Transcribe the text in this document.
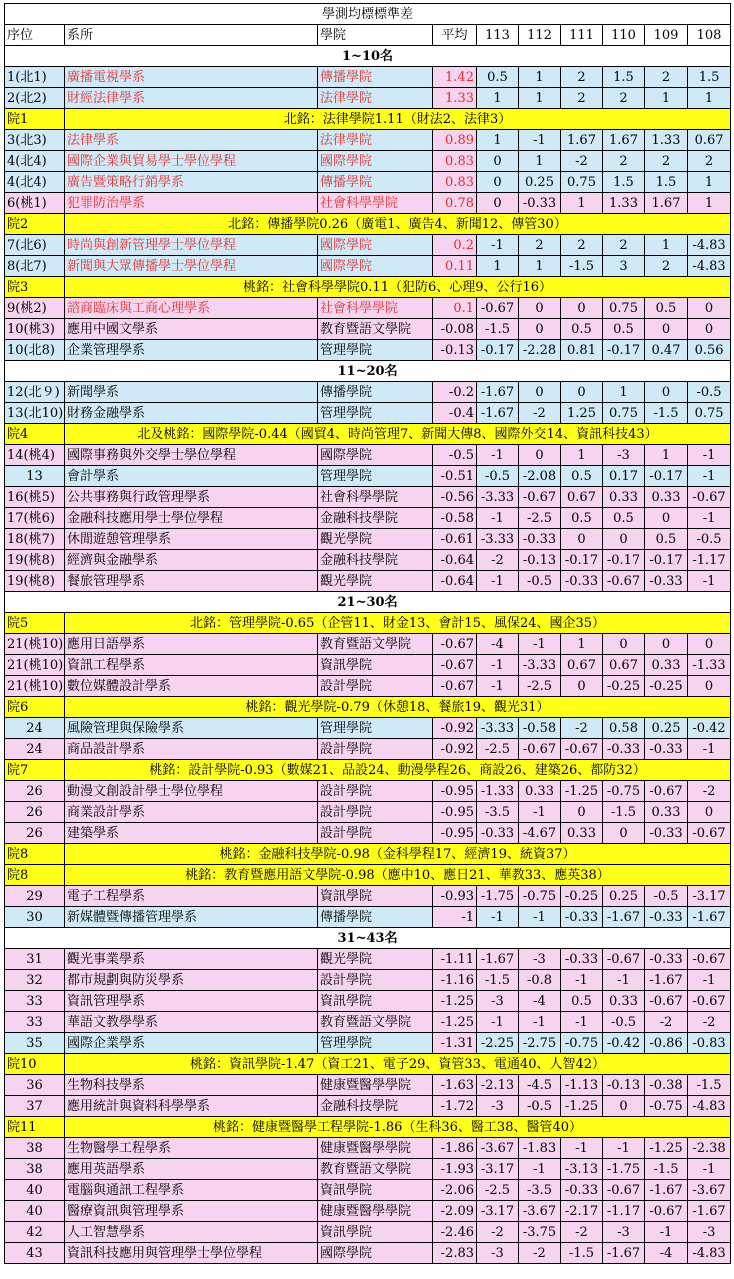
學測均標標準差									
序位	系所	學院	平均	113	112	111	110	109	108
1~10名									
1(北1)	廣播電視學系	傳播學院	1.42	0.5	1	2	1.5	2	1.5
2(北2)	財經法律學系	法律學院	1.33	1	1	2	2	1	1
院1	北銘：法律學院1.11（財法2、法律3）								
3(北3)	法律學系	法律學院	0.89	1	-1	1.67	1.67	1.33	0.67
4(北4)	國際企業與貿易學士學位學程	國際學院	0.83	0	1	-2	2	2	2
4(北4)	廣告暨策略行銷學系	傳播學院	0.83	0	0.25	0.75	1.5	1.5	1
6(桃1)	犯罪防治學系	社會科學學院	0.78	0	-0.33	1	1.33	1.67	1
院2	北銘：傳播學院0.26（廣電1、廣告4、新聞12、傳管30）								
7(北6)	時尚與創新管理學士學位學程	國際學院	0.2	-1	2	2	2	1	-4.83
8(北7)	新聞與大眾傳播學士學位學程	國際學院	0.11	1	1	-1.5	3	2	-4.83
院3	桃銘：社會科學學院0.11（犯防6、心理9、公行16）								
9(桃2)	諮商臨床與工商心理學系	社會科學學院	0.1	-0.67	0	0	0.75	0.5	0
10(桃3)	應用中國文學系	教育暨語文學院	-0.08	-1.5	0	0.5	0.5	0	0
10(北8)	企業管理學系	管理學院	-0.13	-0.17	-2.28	0.81	-0.17	0.47	0.56
11~20名									
12(北９)	新聞學系	傳播學院	-0.2	-1.67	0	0	1	0	-0.5
13(北10)	財務金融學系	管理學院	-0.4	-1.67	-2	1.25	0.75	-1.5	0.75
院4	北及桃銘：國際學院-0.44（國貿4、時尚管理7、新聞大傳8、國際外交14、資訊科技43）								
14(桃4)	國際事務與外交學士學位學程	國際學院	-0.5	-1	0	1	-3	1	-1
13	會計學系	管理學院	-0.51	-0.5	-2.08	0.5	0.17	-0.17	-1
16(桃5)	公共事務與行政管理學系	社會科學學院	-0.56	-3.33	-0.67	0.67	0.33	0.33	-0.67
17(桃6)	金融科技應用學士學位學程	金融科技學院	-0.58	-1	-2.5	0.5	0.5	0	-1
18(桃7)	休閒遊憩管理學系	觀光學院	-0.61	-3.33	-0.33	0	0	0.5	-0.5
19(桃8)	經濟與金融學系	金融科技學院	-0.64	-2	-0.13	-0.17	-0.17	-0.17	-1.17
19(桃8)	餐旅管理學系	觀光學院	-0.64	-1	-0.5	-0.33	-0.67	-0.33	-1
21~30名									
院5	北銘：管理學院-0.65（企管11、財金13、會計15、風保24、國企35）								
21(桃10)	應用日語學系	教育暨語文學院	-0.67	-4	-1	1	0	0	0
21(桃10)	資訊工程學系	資訊學院	-0.67	-1	-3.33	0.67	0.67	0.33	-1.33
21(桃10)	數位媒體設計學系	設計學院	-0.67	-1	-2.5	0	-0.25	-0.25	0
院6	桃銘：觀光學院-0.79（休憩18、餐旅19、觀光31）								
24	風險管理與保險學系	管理學院	-0.92	-3.33	-0.58	-2	0.58	0.25	-0.42
24	商品設計學系	設計學院	-0.92	-2.5	-0.67	-0.67	-0.33	-0.33	-1
院7	桃銘：設計學院-0.93（數媒21、品設24、動漫學程26、商設26、建築26、都防32）								
26	動漫文創設計學士學位學程	設計學院	-0.95	-1.33	0.33	-1.25	-0.75	-0.67	-2
26	商業設計學系	設計學院	-0.95	-3.5	-1	0	-1.5	0.33	0
26	建築學系	設計學院	-0.95	-0.33	-4.67	0.33	0	-0.33	-0.67
院8	桃銘：金融科技學院-0.98（金科學程17、經濟19、統資37）								
院8	桃銘：教育暨應用語文學院-0.98（應中10、應日21、華教33、應英38）								
29	電子工程學系	資訊學院	-0.93	-1.75	-0.75	-0.25	0.25	-0.5	-3.17
30	新媒體暨傳播管理學系	傳播學院	-1	-1	-1	-0.33	-1.67	-0.33	-1.67
31~43名									
31	觀光事業學系	觀光學院	-1.11	-1.67	-3	-0.33	-0.67	-0.33	-0.67
32	都市規劃與防災學系	設計學院	-1.16	-1.5	-0.8	-1	-1	-1.67	-1
33	資訊管理學系	資訊學院	-1.25	-3	-4	0.5	0.33	-0.67	-0.67
33	華語文教學學系	教育暨語文學院	-1.25	-1	-1	-1	-0.5	-2	-2
35	國際企業學系	管理學院	-1.31	-2.25	-2.75	-0.75	-0.42	-0.86	-0.83
院10	桃銘：資訊學院-1.47（資工21、電子29、資管33、電通40、人智42）								
36	生物科技學系	健康暨醫學學院	-1.63	-2.13	-4.5	-1.13	-0.13	-0.38	-1.5
37	應用統計與資料科學學系	金融科技學院	-1.72	-3	-0.5	-1.25	0	-0.75	-4.83
院11	桃銘：健康暨醫學工程學院-1.86（生科36、醫工38、醫管40）								
38	生物醫學工程學系	健康暨醫學學院	-1.86	-3.67	-1.83	-1	-1	-1.25	-2.38
38	應用英語學系	教育暨語文學院	-1.93	-3.17	-1	-3.13	-1.75	-1.5	-1
40	電腦與通訊工程學系	資訊學院	-2.06	-2.5	-3.5	-0.33	-0.67	-1.67	-3.67
40	醫療資訊與管理學系	健康暨醫學學院	-2.09	-3.17	-3.67	-2.17	-1.17	-0.67	-1.67
42	人工智慧學系	資訊學院	-2.46	-2	-3.75	-2	-3	-1	-3
43	資訊科技應用與管理學士學位學程	國際學院	-2.83	-3	-2	-1.5	-1.67	-4	-4.83
